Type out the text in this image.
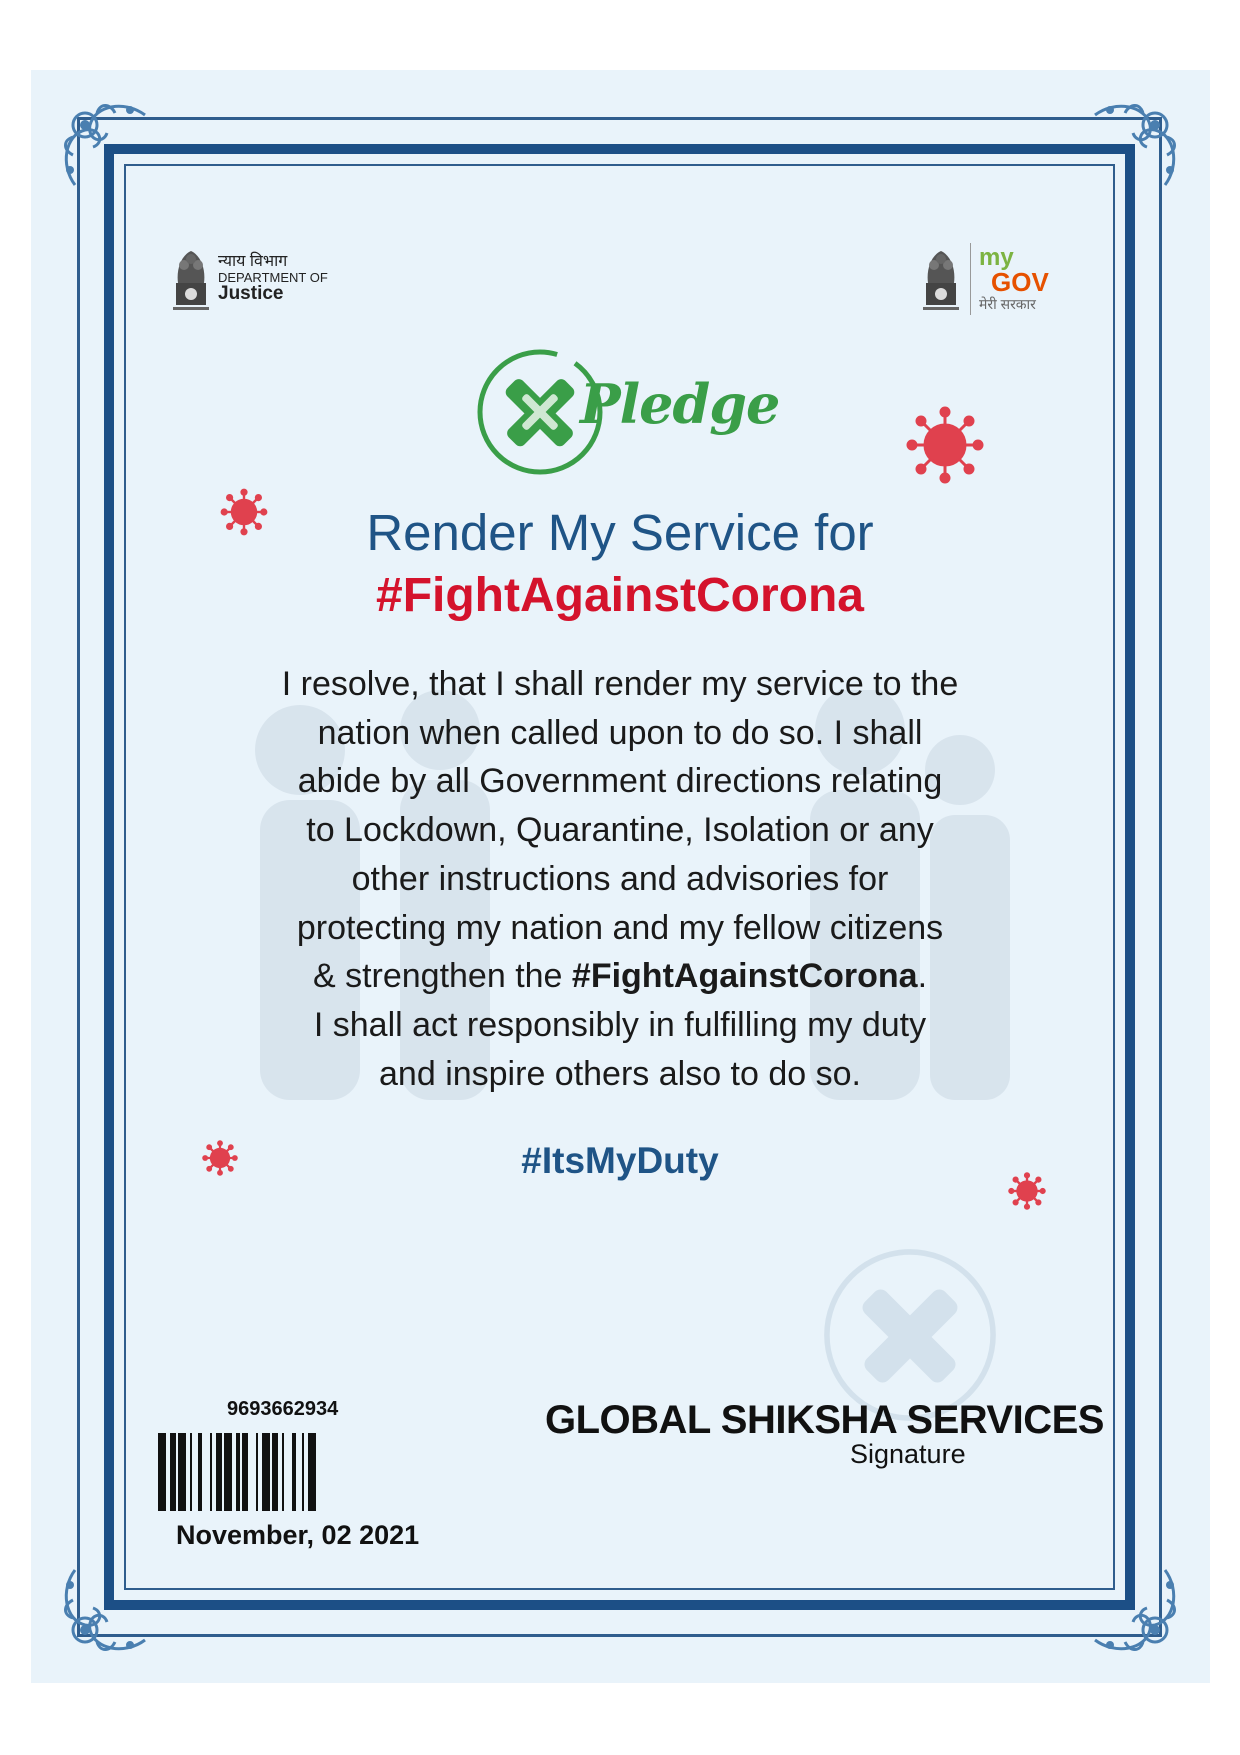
न्याय विभाग
DEPARTMENT OF
Justice
my
GOV
मेरी सरकार
Pledge
Render My Service for
#FightAgainstCorona
I resolve, that I shall render my service to the
nation when called upon to do so. I shall
abide by all Government directions relating
to Lockdown, Quarantine, Isolation or any
other instructions and advisories for
protecting my nation and my fellow citizens
& strengthen the #FightAgainstCorona.
I shall act responsibly in fulfilling my duty
and inspire others also to do so.
#ItsMyDuty
9693662934
November, 02 2021
GLOBAL SHIKSHA SERVICES
Signature
